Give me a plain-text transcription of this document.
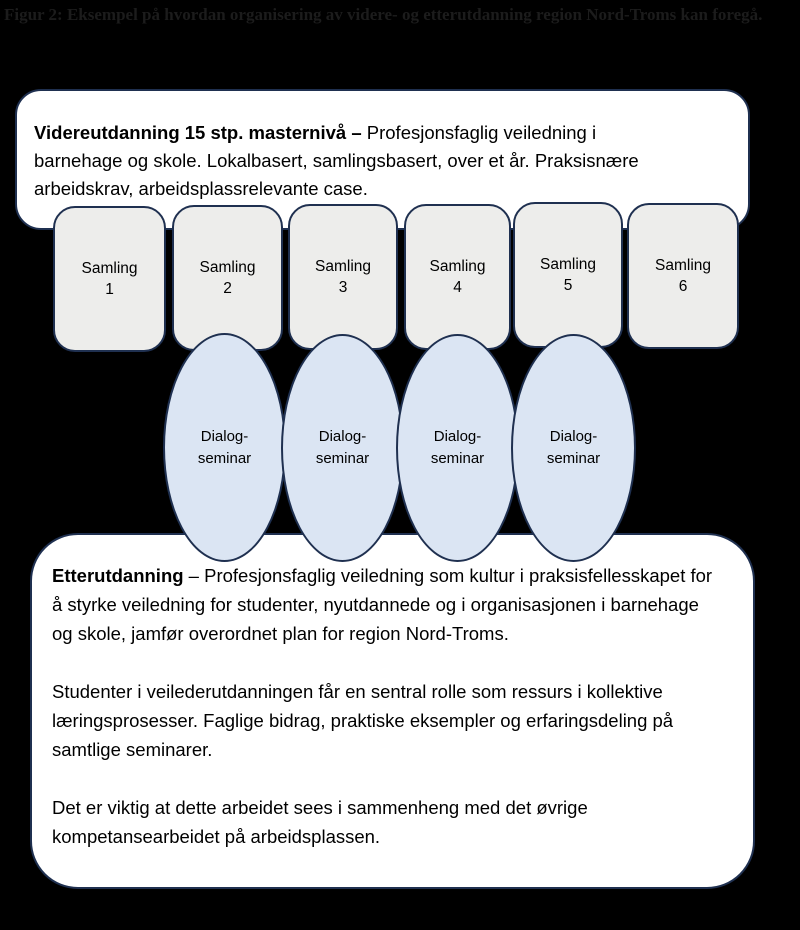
Figur 2: Eksempel på hvordan organisering av videre- og etterutdanning region Nord-Troms kan foregå.
Videreutdanning 15 stp. masternivå – Profesjonsfaglig veiledning i barnehage og skole. Lokalbasert, samlingsbasert, over et år. Praksisnære arbeidskrav, arbeidsplassrelevante case.
Samling
1
Samling
2
Samling
3
Samling
4
Samling
5
Samling
6

Etterutdanning – Profesjonsfaglig veiledning som kultur i praksisfellesskapet for å styrke veiledning for studenter, nyutdannede og i organisasjonen i barnehage og skole, jamfør overordnet plan for region Nord-Troms.

Studenter i veilederutdanningen får en sentral rolle som ressurs i kollektive læringsprosesser. Faglige bidrag, praktiske eksempler og erfaringsdeling på samtlige seminarer.

Det er viktig at dette arbeidet sees i sammenheng med det øvrige kompetansearbeidet på arbeidsplassen.

Dialog-
seminar
Dialog-
seminar
Dialog-
seminar
Dialog-
seminar
